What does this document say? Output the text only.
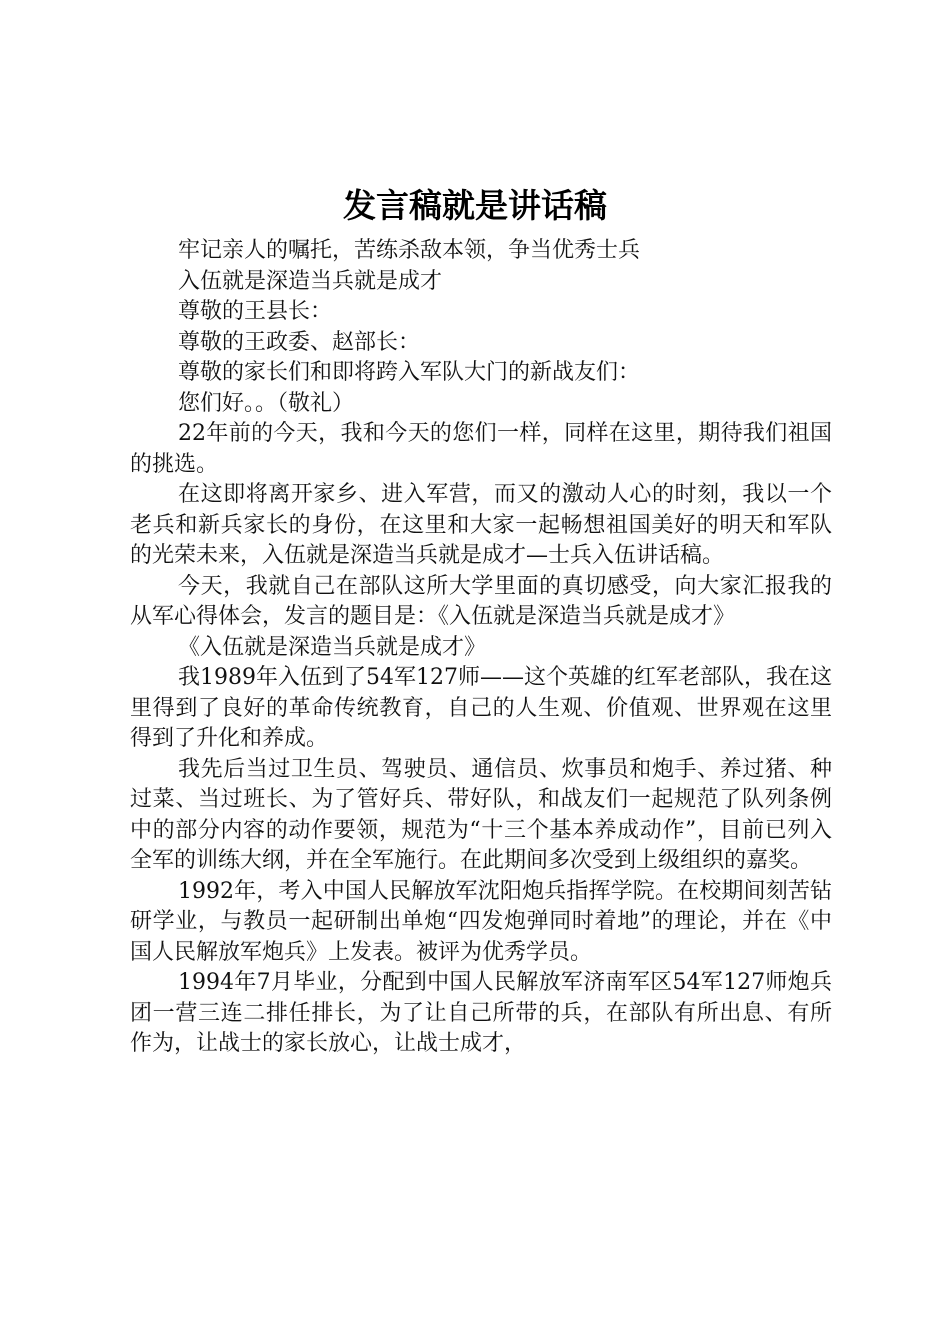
发言稿就是讲话稿

牢记亲人的嘱托，苦练杀敌本领，争当优秀士兵

入伍就是深造当兵就是成才

尊敬的王县长：

尊敬的王政委、赵部长：

尊敬的家长们和即将跨入军队大门的新战友们：

您们好。。（敬礼）

22年前的今天，我和今天的您们一样，同样在这里，期待我们祖国的挑选。

在这即将离开家乡、进入军营，而又的激动人心的时刻，我以一个老兵和新兵家长的身份，在这里和大家一起畅想祖国美好的明天和军队的光荣未来，入伍就是深造当兵就是成才—士兵入伍讲话稿。

今天，我就自己在部队这所大学里面的真切感受，向大家汇报我的从军心得体会，发言的题目是：《入伍就是深造当兵就是成才》

《入伍就是深造当兵就是成才》

我1989年入伍到了54军127师——这个英雄的红军老部队，我在这里得到了良好的革命传统教育，自己的人生观、价值观、世界观在这里得到了升化和养成。

我先后当过卫生员、驾驶员、通信员、炊事员和炮手、养过猪、种过菜、当过班长、为了管好兵、带好队，和战友们一起规范了队列条例中的部分内容的动作要领，规范为“十三个基本养成动作”，目前已列入全军的训练大纲，并在全军施行。在此期间多次受到上级组织的嘉奖。

1992年，考入中国人民解放军沈阳炮兵指挥学院。在校期间刻苦钻研学业，与教员一起研制出单炮“四发炮弹同时着地”的理论，并在《中国人民解放军炮兵》上发表。被评为优秀学员。

1994年7月毕业，分配到中国人民解放军济南军区54军127师炮兵团一营三连二排任排长，为了让自己所带的兵，在部队有所出息、有所作为，让战士的家长放心，让战士成才，
